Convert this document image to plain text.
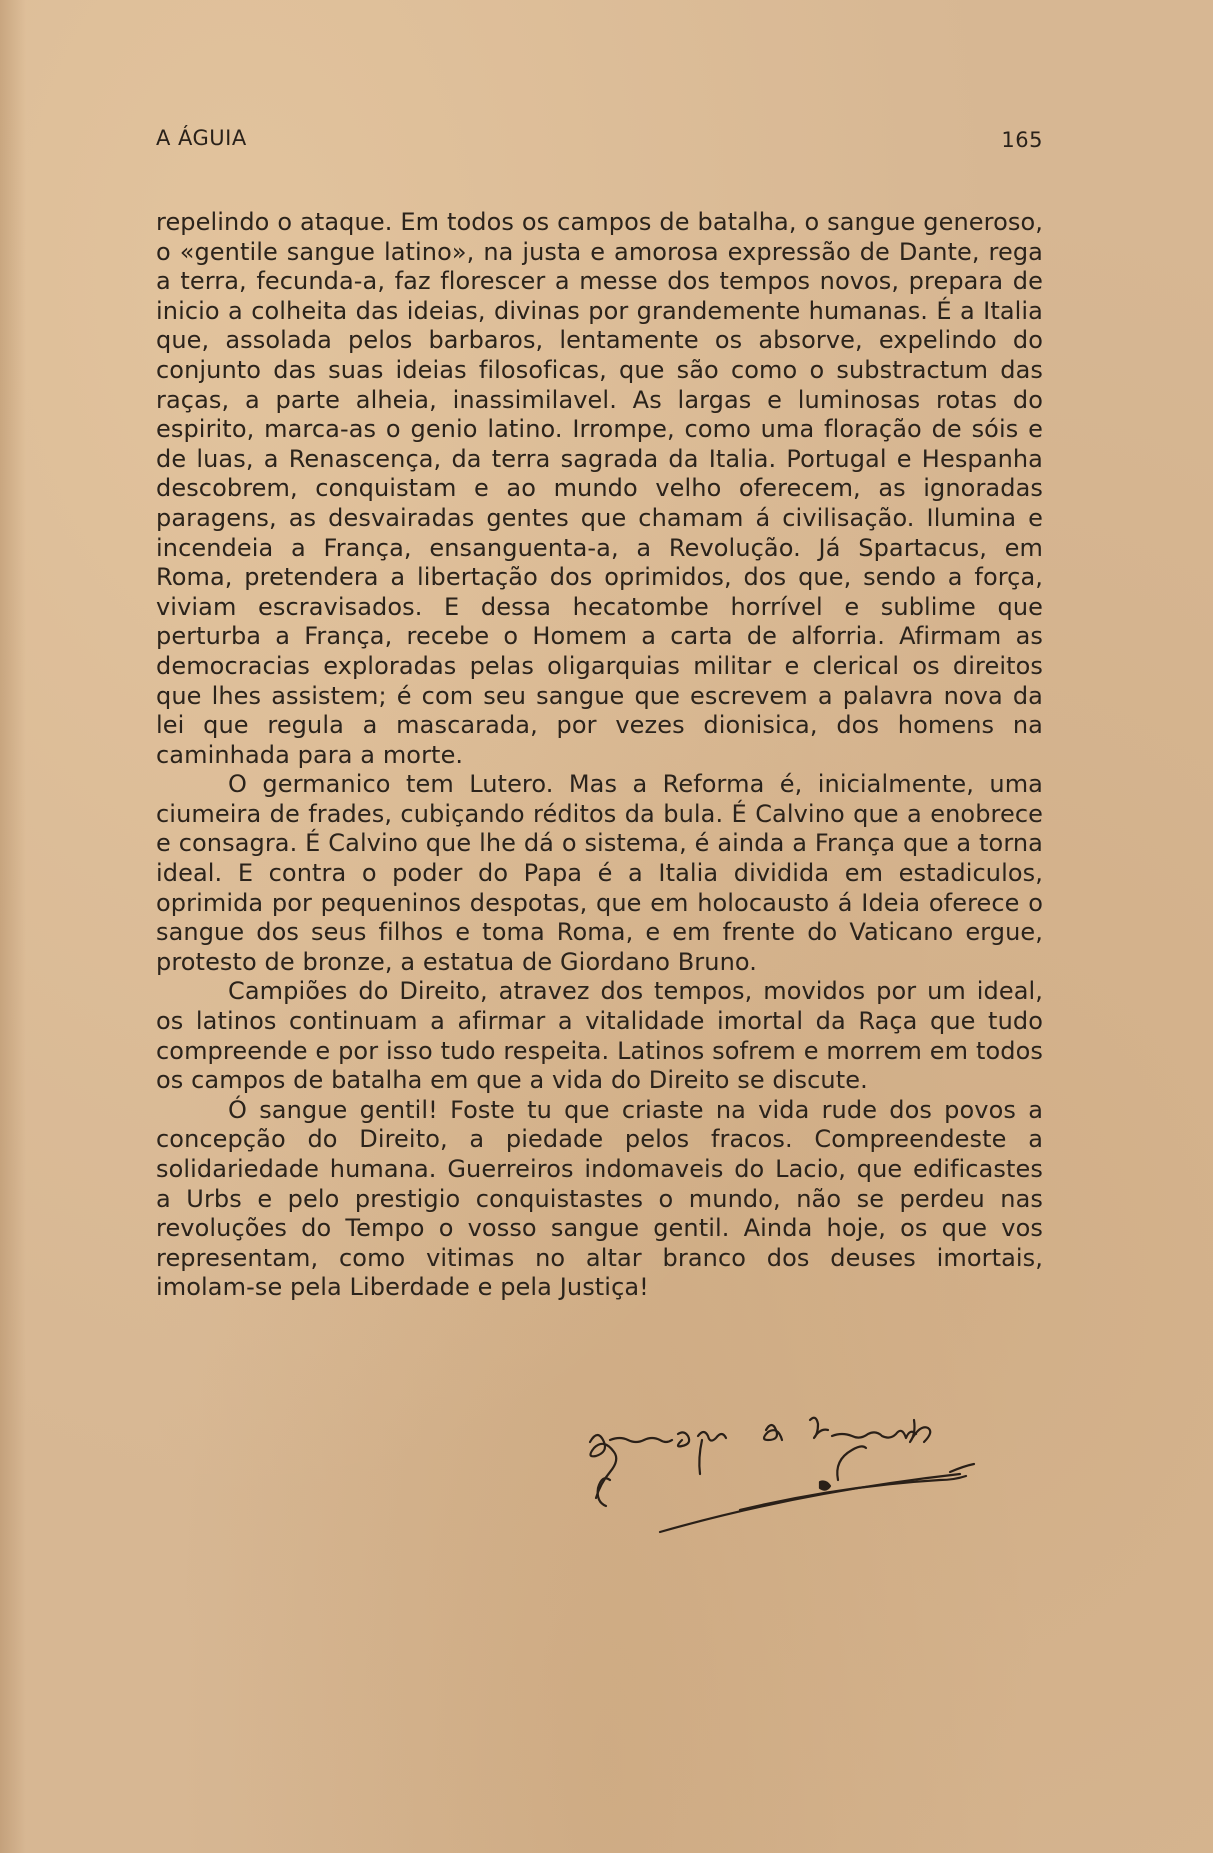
A ÁGUIA	165

repelindo o ataque. Em todos os campos de batalha, o sangue generoso, o «gentile sangue latino», na justa e amorosa expressão de Dante, rega a terra, fecunda-a, faz florescer a messe dos tempos novos, prepara de inicio a colheita das ideias, divinas por grandemente humanas. É a Italia que, assolada pelos barbaros, lentamente os absorve, expelindo do conjunto das suas ideias filosoficas, que são como o substractum das raças, a parte alheia, inassimilavel. As largas e luminosas rotas do espirito, marca-as o genio latino. Irrompe, como uma floração de sóis e de luas, a Renascença, da terra sagrada da Italia. Portugal e Hespanha descobrem, conquistam e ao mundo velho oferecem, as ignoradas paragens, as desvairadas gentes que chamam á civilisação. Ilumina e incendeia a França, ensanguenta-a, a Revolução. Já Spartacus, em Roma, pretendera a libertação dos oprimidos, dos que, sendo a força, viviam escravisados. E dessa hecatombe horrível e sublime que perturba a França, recebe o Homem a carta de alforria. Afirmam as democracias exploradas pelas oligarquias militar e clerical os direitos que lhes assistem; é com seu sangue que escrevem a palavra nova da lei que regula a mascarada, por vezes dionisica, dos homens na caminhada para a morte.

O germanico tem Lutero. Mas a Reforma é, inicialmente, uma ciumeira de frades, cubiçando réditos da bula. É Calvino que a enobrece e consagra. É Calvino que lhe dá o sistema, é ainda a França que a torna ideal. E contra o poder do Papa é a Italia dividida em estadiculos, oprimida por pequeninos despotas, que em holocausto á Ideia oferece o sangue dos seus filhos e toma Roma, e em frente do Vaticano ergue, protesto de bronze, a estatua de Giordano Bruno.

Campiões do Direito, atravez dos tempos, movidos por um ideal, os latinos continuam a afirmar a vitalidade imortal da Raça que tudo compreende e por isso tudo respeita. Latinos sofrem e morrem em todos os campos de batalha em que a vida do Direito se discute.

Ó sangue gentil! Foste tu que criaste na vida rude dos povos a concepção do Direito, a piedade pelos fracos. Compreendeste a solidariedade humana. Guerreiros indomaveis do Lacio, que edificastes a Urbs e pelo prestigio conquistastes o mundo, não se perdeu nas revoluções do Tempo o vosso sangue gentil. Ainda hoje, os que vos representam, como vitimas no altar branco dos deuses imortais, imolam-se pela Liberdade e pela Justiça!
